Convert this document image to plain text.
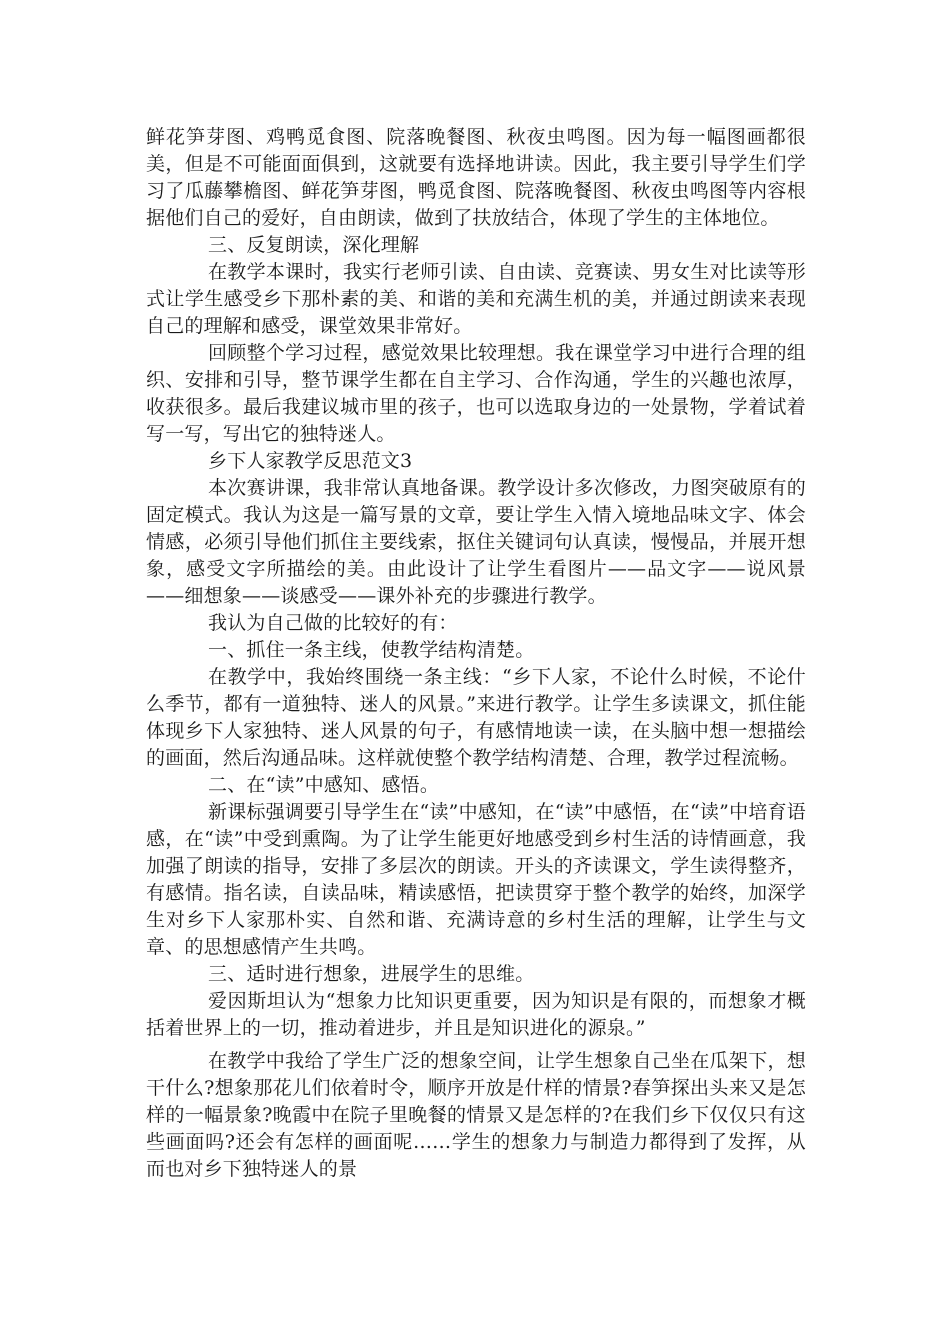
鲜花笋芽图、鸡鸭觅食图、院落晚餐图、秋夜虫鸣图。因为每一幅图画都很美，但是不可能面面俱到，这就要有选择地讲读。因此，我主要引导学生们学习了瓜藤攀檐图、鲜花笋芽图，鸭觅食图、院落晚餐图、秋夜虫鸣图等内容根据他们自己的爱好，自由朗读，做到了扶放结合，体现了学生的主体地位。

三、反复朗读，深化理解

在教学本课时，我实行老师引读、自由读、竞赛读、男女生对比读等形式让学生感受乡下那朴素的美、和谐的美和充满生机的美，并通过朗读来表现自己的理解和感受，课堂效果非常好。

回顾整个学习过程，感觉效果比较理想。我在课堂学习中进行合理的组织、安排和引导，整节课学生都在自主学习、合作沟通，学生的兴趣也浓厚，收获很多。最后我建议城市里的孩子，也可以选取身边的一处景物，学着试着写一写，写出它的独特迷人。

乡下人家教学反思范文3

本次赛讲课，我非常认真地备课。教学设计多次修改，力图突破原有的固定模式。我认为这是一篇写景的文章，要让学生入情入境地品味文字、体会情感，必须引导他们抓住主要线索，抠住关键词句认真读，慢慢品，并展开想象，感受文字所描绘的美。由此设计了让学生看图片——品文字——说风景——细想象——谈感受——课外补充的步骤进行教学。

我认为自己做的比较好的有：

一、抓住一条主线，使教学结构清楚。

在教学中，我始终围绕一条主线：“乡下人家，不论什么时候，不论什么季节，都有一道独特、迷人的风景。”来进行教学。让学生多读课文，抓住能体现乡下人家独特、迷人风景的句子，有感情地读一读，在头脑中想一想描绘的画面，然后沟通品味。这样就使整个教学结构清楚、合理，教学过程流畅。

二、在“读”中感知、感悟。

新课标强调要引导学生在“读”中感知，在“读”中感悟，在“读”中培育语感，在“读”中受到熏陶。为了让学生能更好地感受到乡村生活的诗情画意，我加强了朗读的指导，安排了多层次的朗读。开头的齐读课文，学生读得整齐，有感情。指名读，自读品味，精读感悟，把读贯穿于整个教学的始终，加深学生对乡下人家那朴实、自然和谐、充满诗意的乡村生活的理解，让学生与文章、的思想感情产生共鸣。

三、适时进行想象，进展学生的思维。

爱因斯坦认为“想象力比知识更重要，因为知识是有限的，而想象才概括着世界上的一切，推动着进步，并且是知识进化的源泉。”

在教学中我给了学生广泛的想象空间，让学生想象自己坐在瓜架下，想干什么?想象那花儿们依着时令，顺序开放是什样的情景?春笋探出头来又是怎样的一幅景象?晚霞中在院子里晚餐的情景又是怎样的?在我们乡下仅仅只有这些画面吗?还会有怎样的画面呢……学生的想象力与制造力都得到了发挥，从而也对乡下独特迷人的景
